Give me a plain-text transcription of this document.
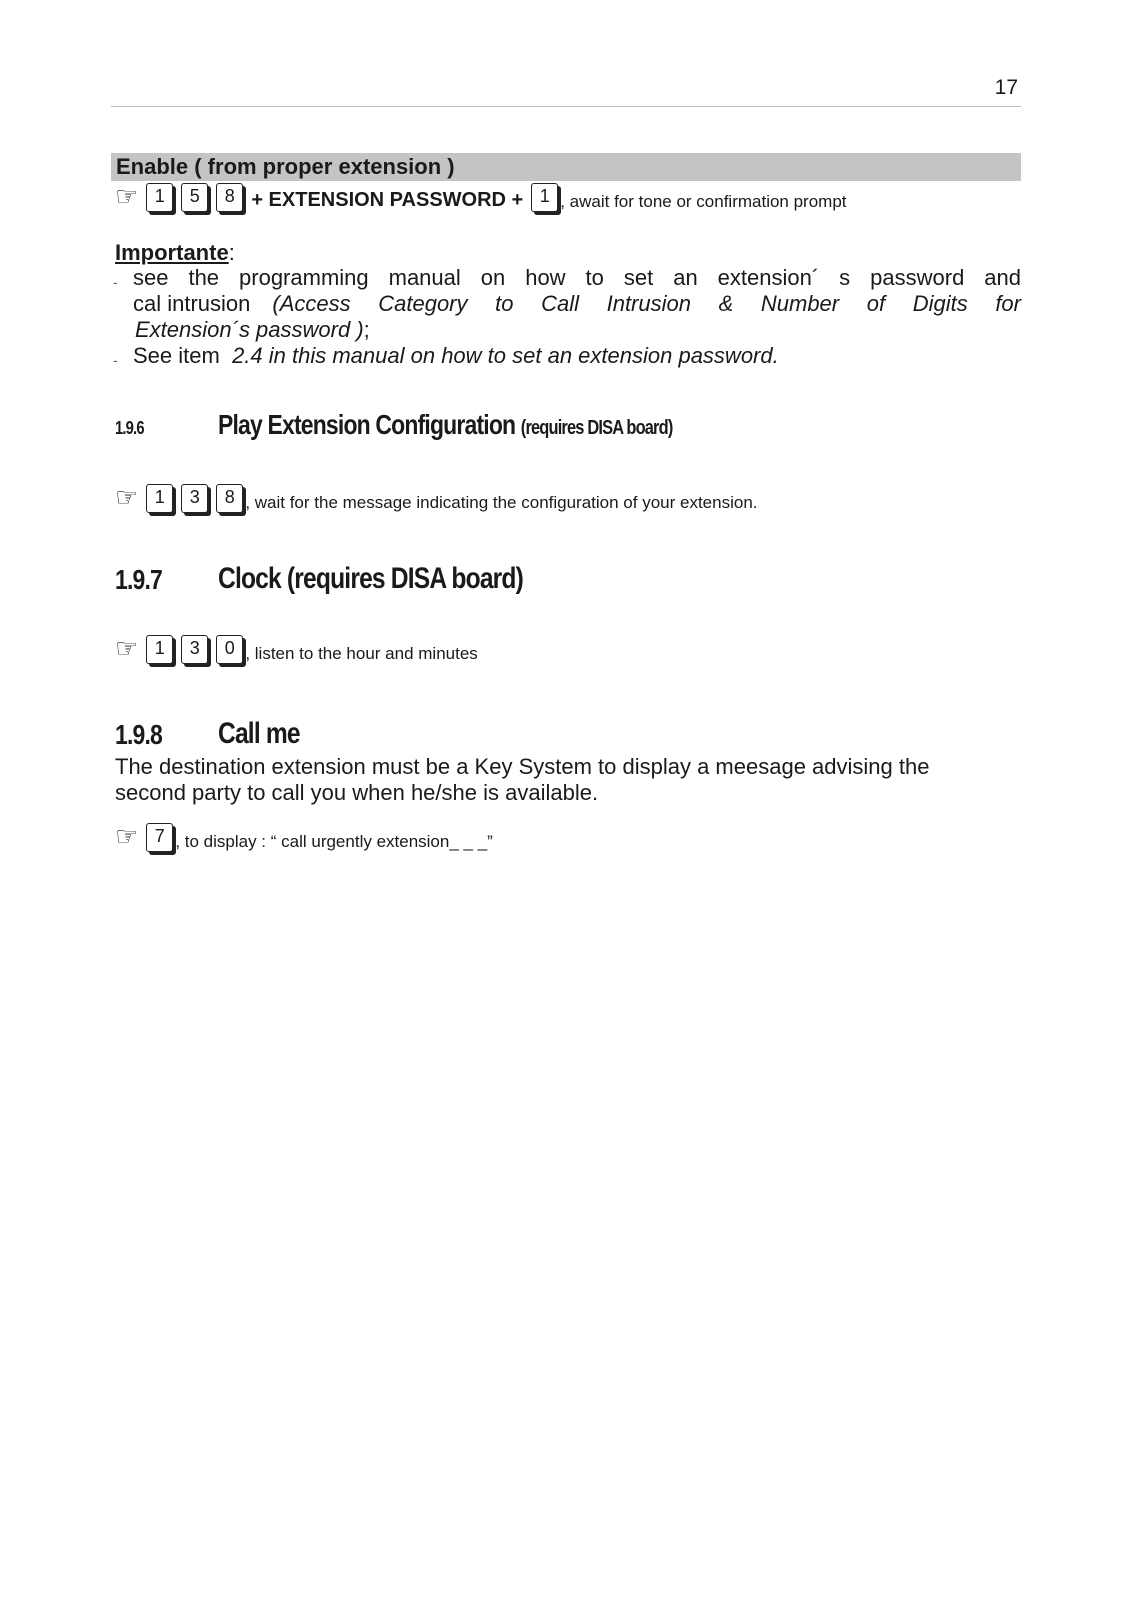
17
Enable ( from proper extension )
☞ 1	5	8 + EXTENSION PASSWORD + 1 , await for tone or confirmation prompt
Importante:
- see the programming manual on how to set an extension´ s password and
cal intrusion (Access Category to Call Intrusion & Number of Digits for
Extension´s password );
- See item 2.4 in this manual on how to set an extension password.
1.9.6	Play Extension Configuration (requires DISA board)
☞ 1	3	8 , wait for the message indicating the configuration of your extension.
1.9.7	Clock (requires DISA board)
☞ 1	3	0 , listen to the hour and minutes
1.9.8	Call me
The destination extension must be a Key System to display a meesage advising the
second party to call you when he/she is available.
☞ 7 , to display : “ call urgently extension_ _ _”
